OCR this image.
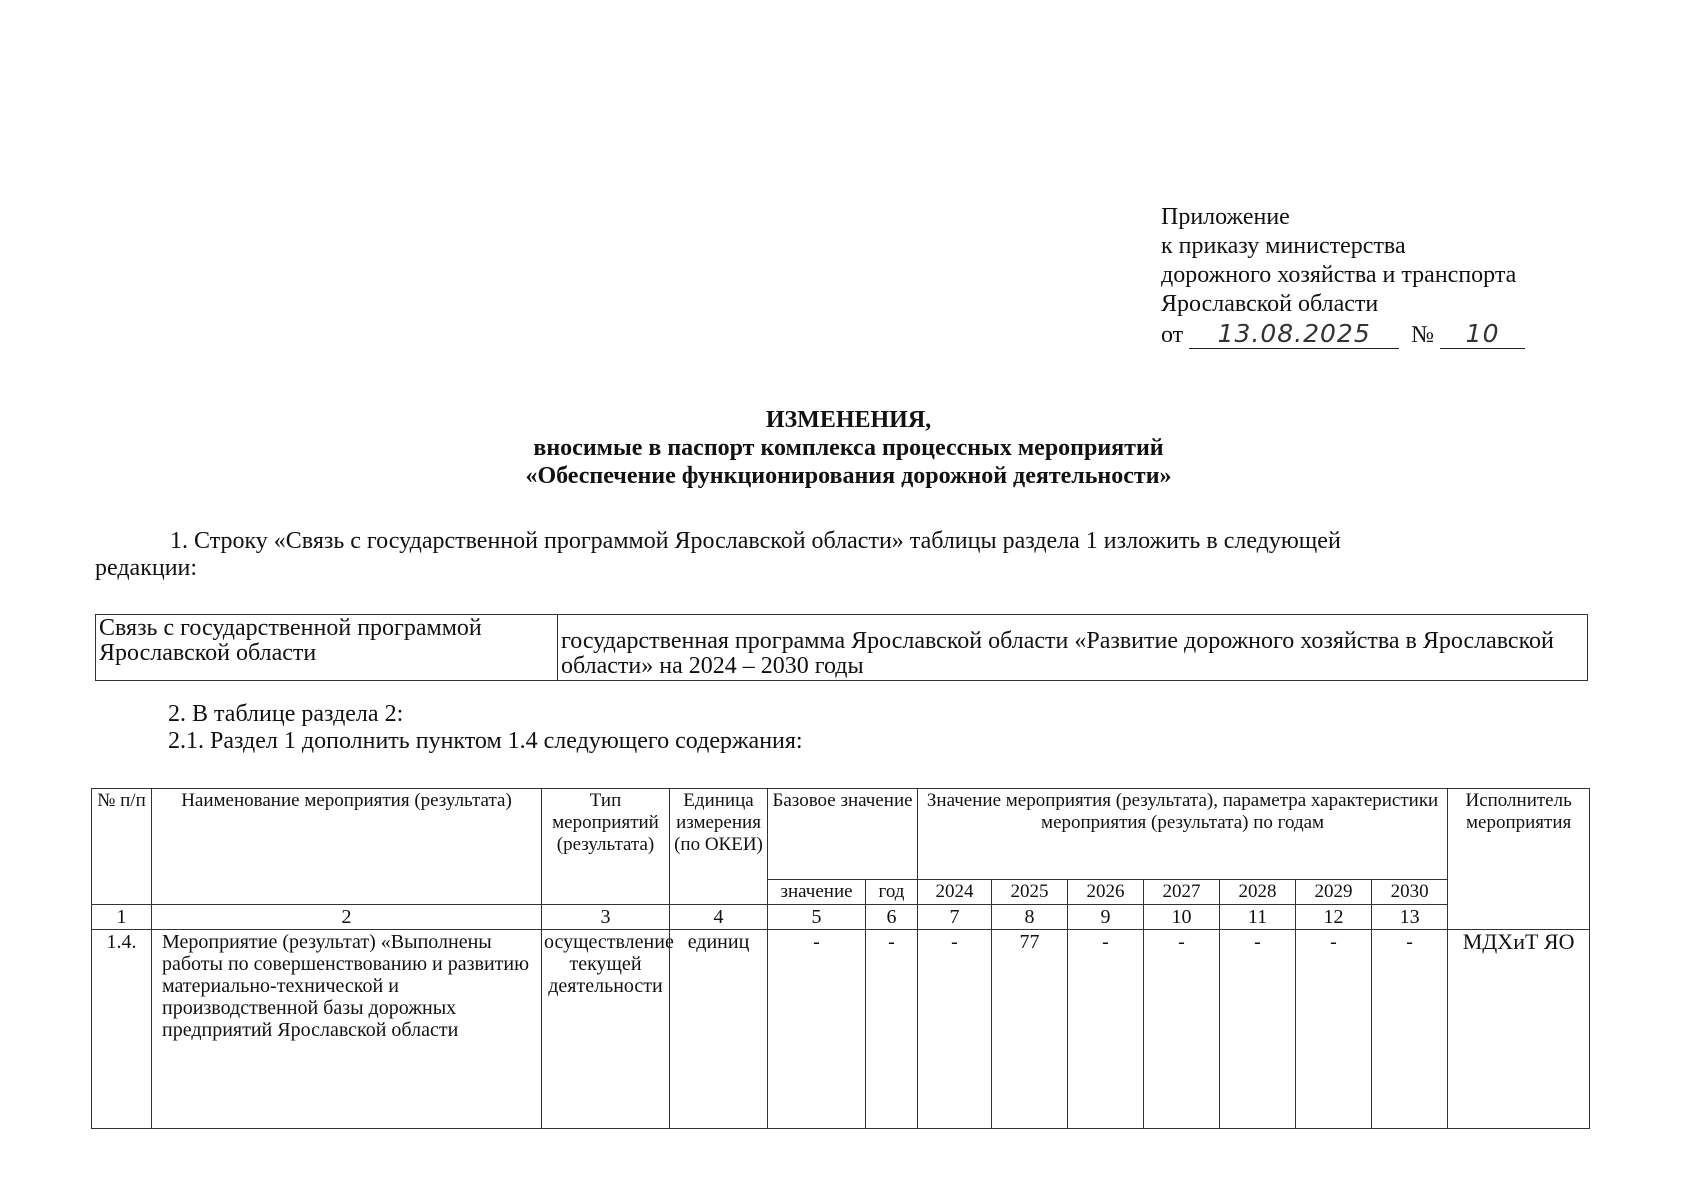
Приложение
к приказу министерства
дорожного хозяйства и транспорта
Ярославской области
от 13.08.2025 № 10
ИЗМЕНЕНИЯ,
вносимые в паспорт комплекса процессных мероприятий
«Обеспечение функционирования дорожной деятельности»
1. Строку «Связь с государственной программой Ярославской области» таблицы раздела 1 изложить в следующей
редакции:
Связь с государственной программой Ярославской области	государственная программа Ярославской области «Развитие дорожного хозяйства в Ярославской области» на 2024 – 2030 годы
2. В таблице раздела 2:
2.1. Раздел 1 дополнить пунктом 1.4 следующего содержания:
№ п/п	Наименование мероприятия (результата)	Тип мероприятий (результата)	Единица измерения (по ОКЕИ)	Базовое значение		Значение мероприятия (результата), параметра характеристики мероприятия (результата) по годам							Исполнитель мероприятия
				значение	год	2024	2025	2026	2027	2028	2029	2030	
1	2	3	4	5	6	7	8	9	10	11	12	13	
1.4.	Мероприятие (результат) «Выполнены работы по совершенствованию и развитию материально-технической и производственной базы дорожных предприятий Ярославской области	осуществление текущей деятельности	единиц	-	-	-	77	-	-	-	-	-	МДХиТ ЯО
